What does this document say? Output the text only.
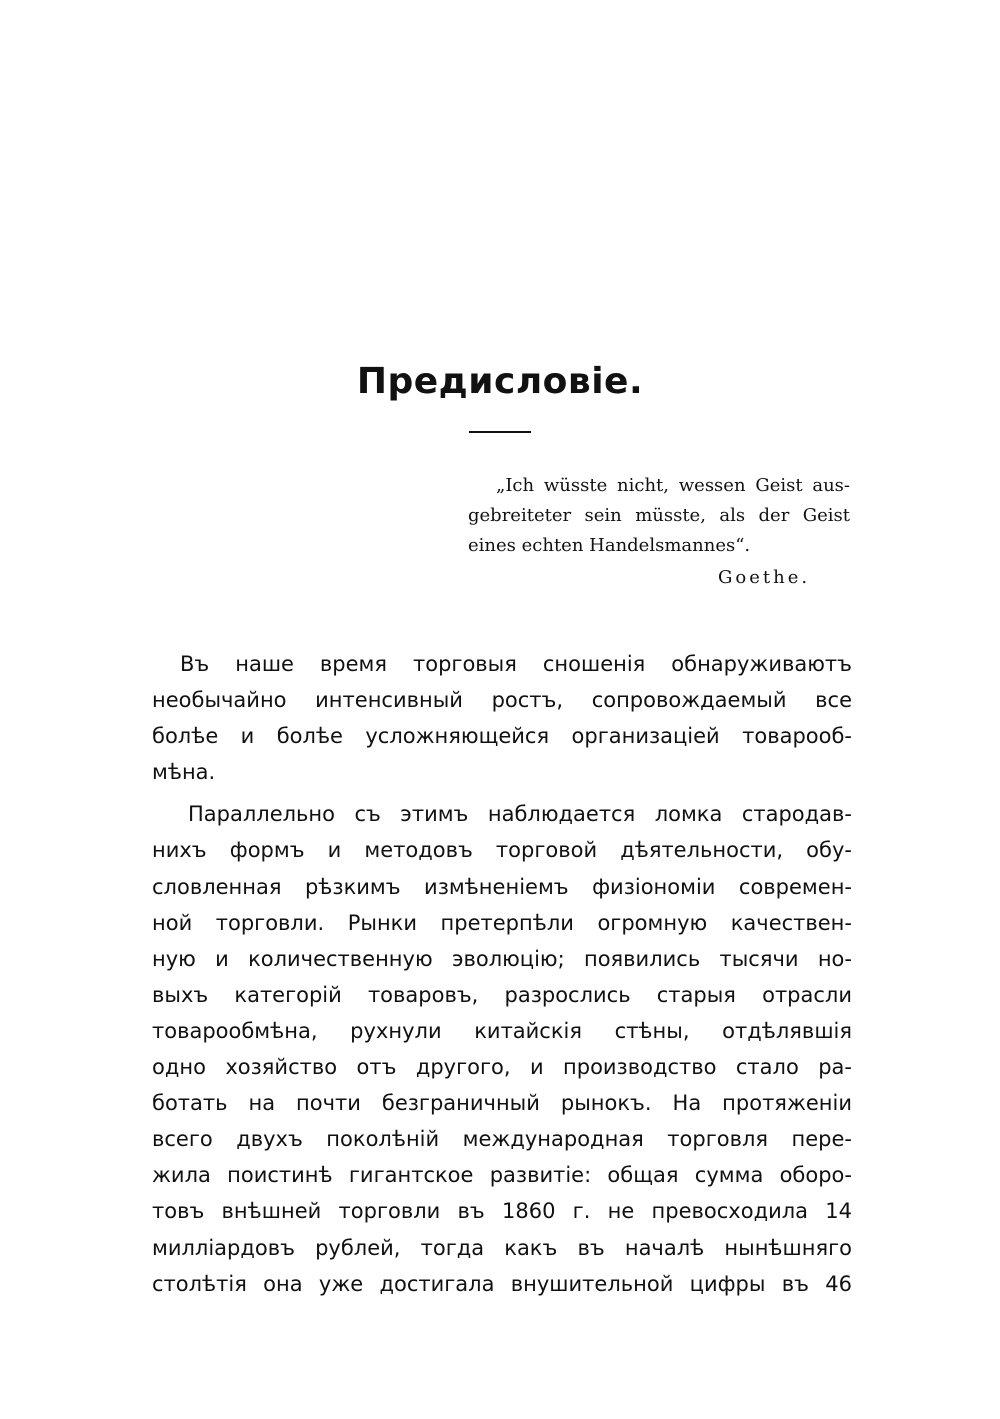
Предисловіе.
„Ich wüsste nicht, wessen Geist aus-
gebreiteter sein müsste, als der Geist
eines echten Handelsmannes“.
Goethe.
Въ наше время торговыя сношенія обнаруживаютъ
необычайно интенсивный ростъ, сопровождаемый все
болѣе и болѣе усложняющейся организаціей товарооб-
мѣна.
Параллельно съ этимъ наблюдается ломка стародав-
нихъ формъ и методовъ торговой дѣятельности, обу-
словленная рѣзкимъ измѣненіемъ физіономіи современ-
ной торговли. Рынки претерпѣли огромную качествен-
ную и количественную эволюцію; появились тысячи но-
выхъ категорій товаровъ, разрослись старыя отрасли
товарообмѣна, рухнули китайскія стѣны, отдѣлявшія
одно хозяйство отъ другого, и производство стало ра-
ботать на почти безграничный рынокъ. На протяженіи
всего двухъ поколѣній международная торговля пере-
жила поистинѣ гигантское развитіе: общая сумма оборо-
товъ внѣшней торговли въ 1860 г. не превосходила 14
милліардовъ рублей, тогда какъ въ началѣ нынѣшняго
столѣтія она уже достигала внушительной цифры въ 46
